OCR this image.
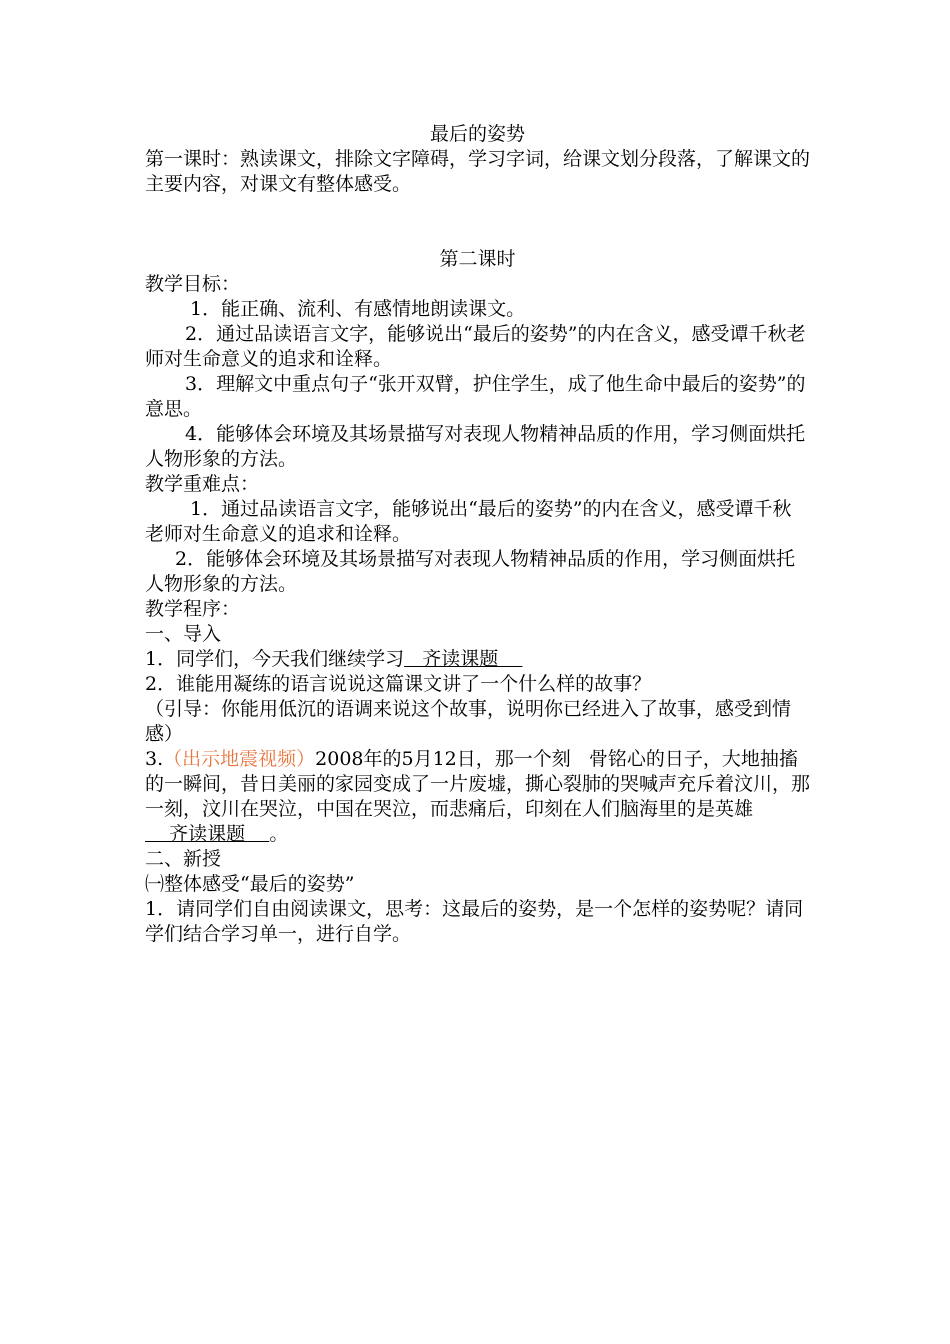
最后的姿势

第一课时：熟读课文，排除文字障碍，学习字词，给课文划分段落，了解课文的主要内容，对课文有整体感受。

第二课时

教学目标：

1．能正确、流利、有感情地朗读课文。

2．通过品读语言文字，能够说出“最后的姿势”的内在含义，感受谭千秋老师对生命意义的追求和诠释。

3．理解文中重点句子“张开双臂，护住学生，成了他生命中最后的姿势”的意思。

4．能够体会环境及其场景描写对表现人物精神品质的作用，学习侧面烘托人物形象的方法。

教学重难点：

1．通过品读语言文字，能够说出“最后的姿势”的内在含义，感受谭千秋老师对生命意义的追求和诠释。

2．能够体会环境及其场景描写对表现人物精神品质的作用，学习侧面烘托人物形象的方法。

教学程序：

一、导入

1．同学们，今天我们继续学习   齐读课题

2．谁能用凝练的语言说说这篇课文讲了一个什么样的故事？

（引导：你能用低沉的语调来说这个故事，说明你已经进入了故事，感受到情感）

3.（出示地震视频）2008年的5月12日，那一个刻   骨铭心的日子，大地抽搐的一瞬间，昔日美丽的家园变成了一片废墟，撕心裂肺的哭喊声充斥着汶川，那一刻，汶川在哭泣，中国在哭泣，而悲痛后，印刻在人们脑海里的是英雄    齐读课题    。

二、新授

㈠整体感受“最后的姿势”

1．请同学们自由阅读课文，思考：这最后的姿势，是一个怎样的姿势呢？请同学们结合学习单一，进行自学。
